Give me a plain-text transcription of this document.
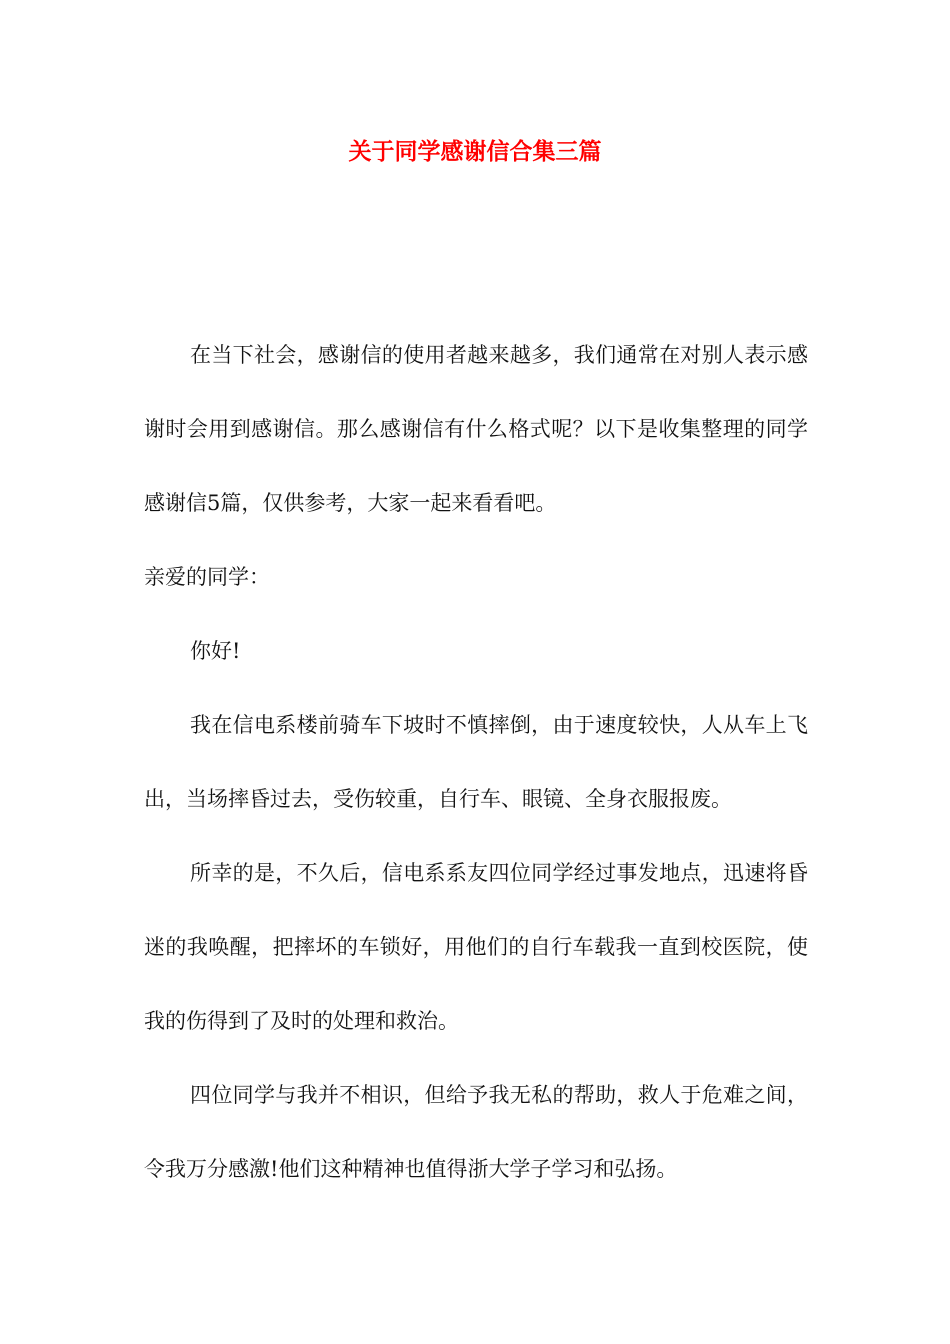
关于同学感谢信合集三篇

在当下社会，感谢信的使用者越来越多，我们通常在对别人表示感谢时会用到感谢信。那么感谢信有什么格式呢？以下是收集整理的同学感谢信5篇，仅供参考，大家一起来看看吧。

亲爱的同学：

你好!

我在信电系楼前骑车下坡时不慎摔倒，由于速度较快，人从车上飞出，当场摔昏过去，受伤较重，自行车、眼镜、全身衣服报废。

所幸的是，不久后，信电系系友四位同学经过事发地点，迅速将昏迷的我唤醒，把摔坏的车锁好，用他们的自行车载我一直到校医院，使我的伤得到了及时的处理和救治。

四位同学与我并不相识，但给予我无私的帮助，救人于危难之间，令我万分感激!他们这种精神也值得浙大学子学习和弘扬。
